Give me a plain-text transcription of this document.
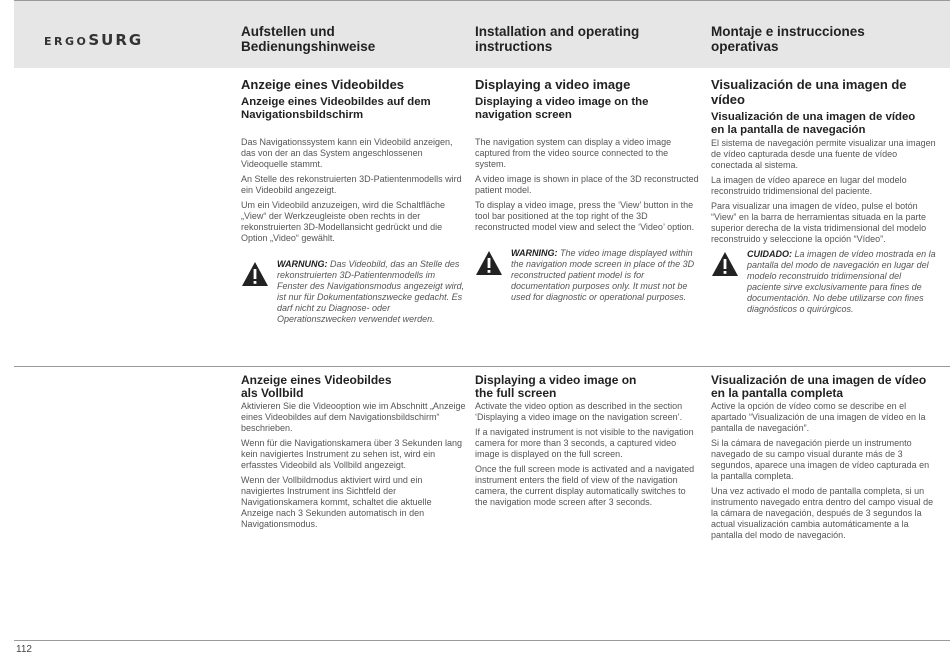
ERGOSURG	Aufstellen und Bedienungshinweise
Installation and operating instructions
Montaje e instrucciones operativas
Anzeige eines Videobildes
Anzeige eines Videobildes auf dem Navigationsbildschirm

Das Navigationssystem kann ein Videobild anzeigen, das von der an das System angeschlossenen Videoquelle stammt.

An Stelle des rekonstruierten 3D-Patientenmodells wird ein Videobild angezeigt.

Um ein Videobild anzuzeigen, wird die Schaltfläche „View“ der Werkzeugleiste oben rechts in der rekonstruierten 3D-Modellansicht gedrückt und die Option „Video“ gewählt.

WARNUNG: Das Videobild, das an Stelle des rekonstruierten 3D-Patientenmodells im Fenster des Navigationsmodus angezeigt wird, ist nur für Dokumentationszwecke gedacht. Es darf nicht zu Diagnose- oder Operationszwecken verwendet werden.
Displaying a video image
Displaying a video image on the navigation screen

The navigation system can display a video image captured from the video source connected to the system.

A video image is shown in place of the 3D reconstructed patient model.

To display a video image, press the ‘View’ button in the tool bar positioned at the top right of the 3D reconstructed model view and select the ‘Video’ option.

WARNING: The video image displayed within the navigation mode screen in place of the 3D reconstructed patient model is for documentation purposes only. It must not be used for diagnostic or operational purposes.
Visualización de una imagen de vídeo
Visualización de una imagen de vídeo en la pantalla de navegación

El sistema de navegación permite visualizar una imagen de vídeo capturada desde una fuente de vídeo conectada al sistema.

La imagen de vídeo aparece en lugar del modelo reconstruido tridimensional del paciente.

Para visualizar una imagen de vídeo, pulse el botón “View” en la barra de herramientas situada en la parte superior derecha de la vista tridimensional del modelo reconstruido y seleccione la opción “Vídeo”.

CUIDADO: La imagen de vídeo mostrada en la pantalla del modo de navegación en lugar del modelo reconstruido tridimensional del paciente sirve exclusivamente para fines de documentación. No debe utilizarse con fines diagnósticos o quirúrgicos.
Anzeige eines Videobildes als Vollbild

Aktivieren Sie die Videooption wie im Abschnitt „Anzeige eines Videobildes auf dem Navigationsbildschirm“ beschrieben.

Wenn für die Navigationskamera über 3 Sekunden lang kein navigiertes Instrument zu sehen ist, wird ein erfasstes Videobild als Vollbild angezeigt.

Wenn der Vollbildmodus aktiviert wird und ein navigiertes Instrument ins Sichtfeld der Navigationskamera kommt, schaltet die aktuelle Anzeige nach 3 Sekunden automatisch in den Navigationsmodus.

Displaying a video image on the full screen

Activate the video option as described in the section ‘Displaying a video image on the navigation screen’.

If a navigated instrument is not visible to the navigation camera for more than 3 seconds, a captured video image is displayed on the full screen.

Once the full screen mode is activated and a navigated instrument enters the field of view of the navigation camera, the current display automatically switches to the navigation mode screen after 3 seconds.

Visualización de una imagen de vídeo en la pantalla completa

Active la opción de vídeo como se describe en el apartado “Visualización de una imagen de vídeo en la pantalla de navegación”.

Si la cámara de navegación pierde un instrumento navegado de su campo visual durante más de 3 segundos, aparece una imagen de vídeo capturada en la pantalla completa.

Una vez activado el modo de pantalla completa, si un instrumento navegado entra dentro del campo visual de la cámara de navegación, después de 3 segundos la actual visualización cambia automáticamente a la pantalla del modo de navegación.

112
